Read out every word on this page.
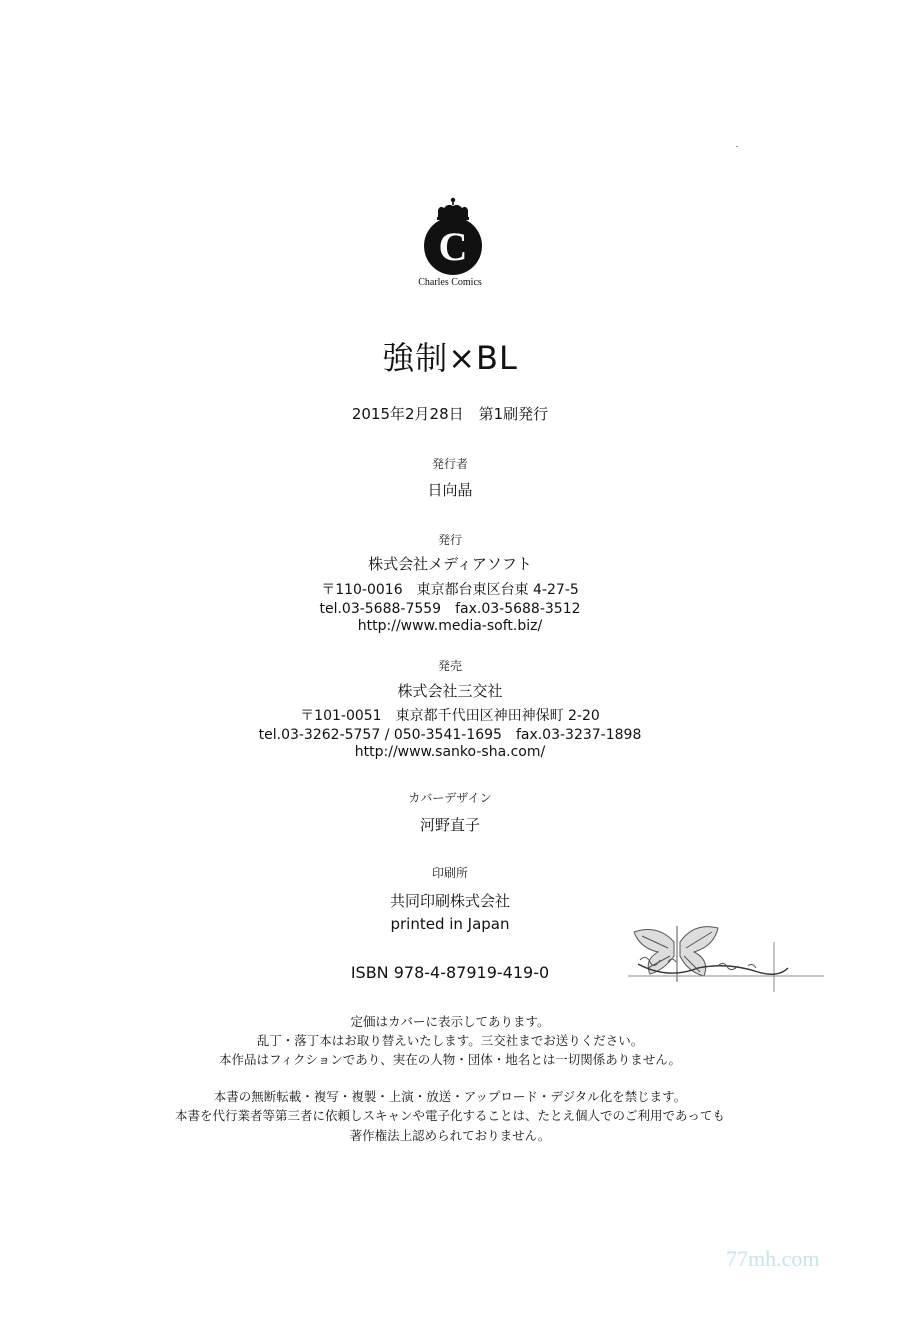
C
Charles Comics
強制×BL
2015年2月28日　第1刷発行
発行者
日向晶
発行
株式会社メディアソフト
〒110-0016　東京都台東区台東 4-27-5
tel.03-5688-7559　fax.03-5688-3512
http://www.media-soft.biz/
発売
株式会社三交社
〒101-0051　東京都千代田区神田神保町 2-20
tel.03-3262-5757 / 050-3541-1695　fax.03-3237-1898
http://www.sanko-sha.com/
カバーデザイン
河野直子
印刷所
共同印刷株式会社
printed in Japan
ISBN 978-4-87919-419-0
定価はカバーに表示してあります。
乱丁・落丁本はお取り替えいたします。三交社までお送りください。
本作品はフィクションであり、実在の人物・団体・地名とは一切関係ありません。
本書の無断転載・複写・複製・上演・放送・アップロード・デジタル化を禁じます。
本書を代行業者等第三者に依頼しスキャンや電子化することは、たとえ個人でのご利用であっても
著作権法上認められておりません。
77mh.com
